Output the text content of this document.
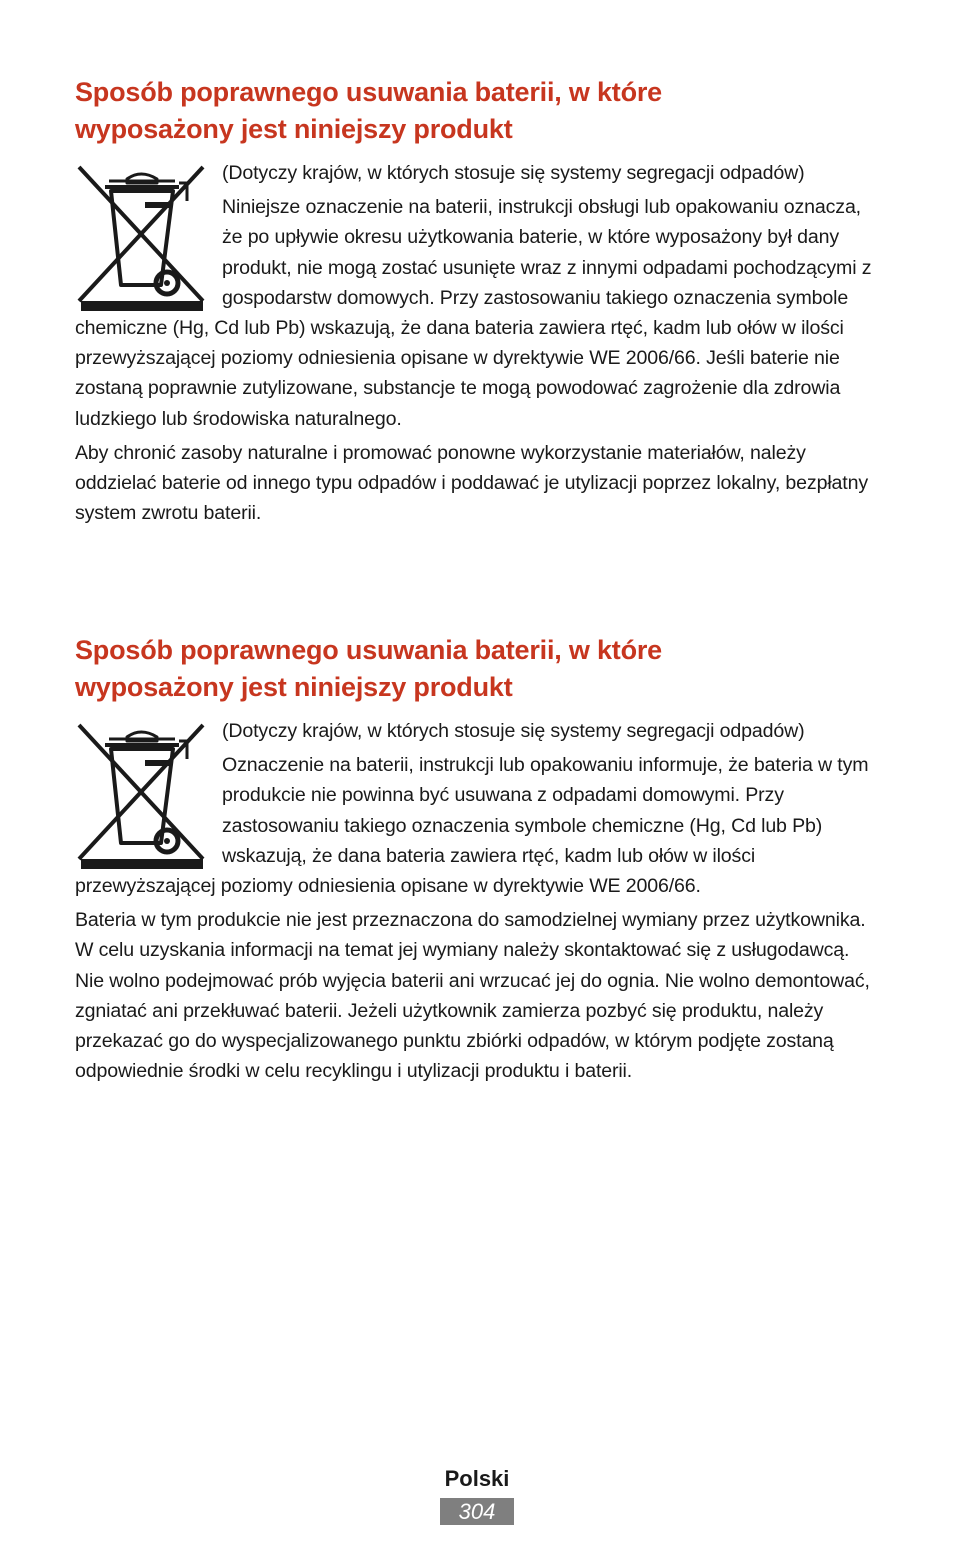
Sposób poprawnego usuwania baterii, w które
wyposażony jest niniejszy produkt

(Dotyczy krajów, w których stosuje się systemy segregacji odpadów)

Niniejsze oznaczenie na baterii, instrukcji obsługi lub opakowaniu oznacza, że po upływie okresu użytkowania baterie, w które wyposażony był dany produkt, nie mogą zostać usunięte wraz z innymi odpadami pochodzącymi z gospodarstw domowych. Przy zastosowaniu takiego oznaczenia symbole chemiczne (Hg, Cd lub Pb) wskazują, że dana bateria zawiera rtęć, kadm lub ołów w ilości przewyższającej poziomy odniesienia opisane w dyrektywie WE 2006/66. Jeśli baterie nie zostaną poprawnie zutylizowane, substancje te mogą powodować zagrożenie dla zdrowia ludzkiego lub środowiska naturalnego.

Aby chronić zasoby naturalne i promować ponowne wykorzystanie materiałów, należy oddzielać baterie od innego typu odpadów i poddawać je utylizacji poprzez lokalny, bezpłatny system zwrotu baterii.

Sposób poprawnego usuwania baterii, w które
wyposażony jest niniejszy produkt

(Dotyczy krajów, w których stosuje się systemy segregacji odpadów)

Oznaczenie na baterii, instrukcji lub opakowaniu informuje, że bateria w tym produkcie nie powinna być usuwana z odpadami domowymi. Przy zastosowaniu takiego oznaczenia symbole chemiczne (Hg, Cd lub Pb) wskazują, że dana bateria zawiera rtęć, kadm lub ołów w ilości przewyższającej poziomy odniesienia opisane w dyrektywie WE 2006/66.

Bateria w tym produkcie nie jest przeznaczona do samodzielnej wymiany przez użytkownika. W celu uzyskania informacji na temat jej wymiany należy skontaktować się z usługodawcą. Nie wolno podejmować prób wyjęcia baterii ani wrzucać jej do ognia. Nie wolno demontować, zgniatać ani przekłuwać baterii. Jeżeli użytkownik zamierza pozbyć się produktu, należy przekazać go do wyspecjalizowanego punktu zbiórki odpadów, w którym podjęte zostaną odpowiednie środki w celu recyklingu i utylizacji produktu i baterii.

Polski
304
